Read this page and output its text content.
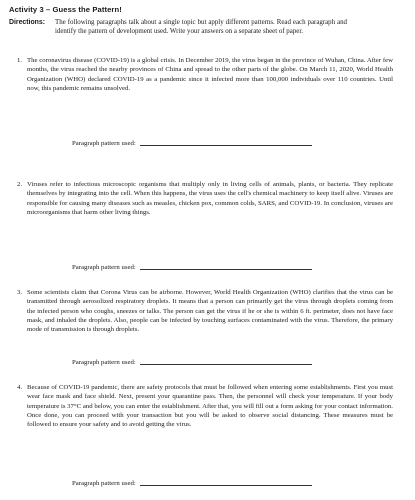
Activity 3 – Guess the Pattern!
Directions:	The following paragraphs talk about a single topic but apply different patterns. Read each paragraph and identify the pattern of development used. Write your answers on a separate sheet of paper.
1. The coronavirus disease (COVID-19) is a global crisis. In December 2019, the virus began in the province of Wuhan, China. After few months, the virus reached the nearby provinces of China and spread to the other parts of the globe. On March 11, 2020, World Health Organization (WHO) declared COVID-19 as a pandemic since it infected more than 100,000 individuals over 110 countries. Until now, this pandemic remains unsolved.
Paragraph pattern used:
2. Viruses refer to infectious microscopic organisms that multiply only in living cells of animals, plants, or bacteria. They replicate themselves by integrating into the cell. When this happens, the virus uses the cell's chemical machinery to keep itself alive. Viruses are responsible for causing many diseases such as measles, chicken pox, common colds, SARS, and COVID-19. In conclusion, viruses are microorganisms that harm other living things.
Paragraph pattern used:
3. Some scientists claim that Corona Virus can be airborne. However, World Health Organization (WHO) clarifies that the virus can be transmitted through aerosolized respiratory droplets. It means that a person can primarily get the virus through droplets coming from the infected person who coughs, sneezes or talks. The person can get the virus if he or she is within 6 ft. perimeter, does not have face mask, and inhaled the droplets. Also, people can be infected by touching surfaces contaminated with the virus. Therefore, the primary mode of transmission is through droplets.
Paragraph pattern used:
4. Because of COVID-19 pandemic, there are safety protocols that must be followed when entering some establishments. First you must wear face mask and face shield. Next, present your quarantine pass. Then, the personnel will check your temperature. If your body temperature is 37°C and below, you can enter the establishment. After that, you will fill out a form asking for your contact information. Once done, you can proceed with your transaction but you will be asked to observe social distancing. These measures must be followed to ensure your safety and to avoid getting the virus.
Paragraph pattern used:
